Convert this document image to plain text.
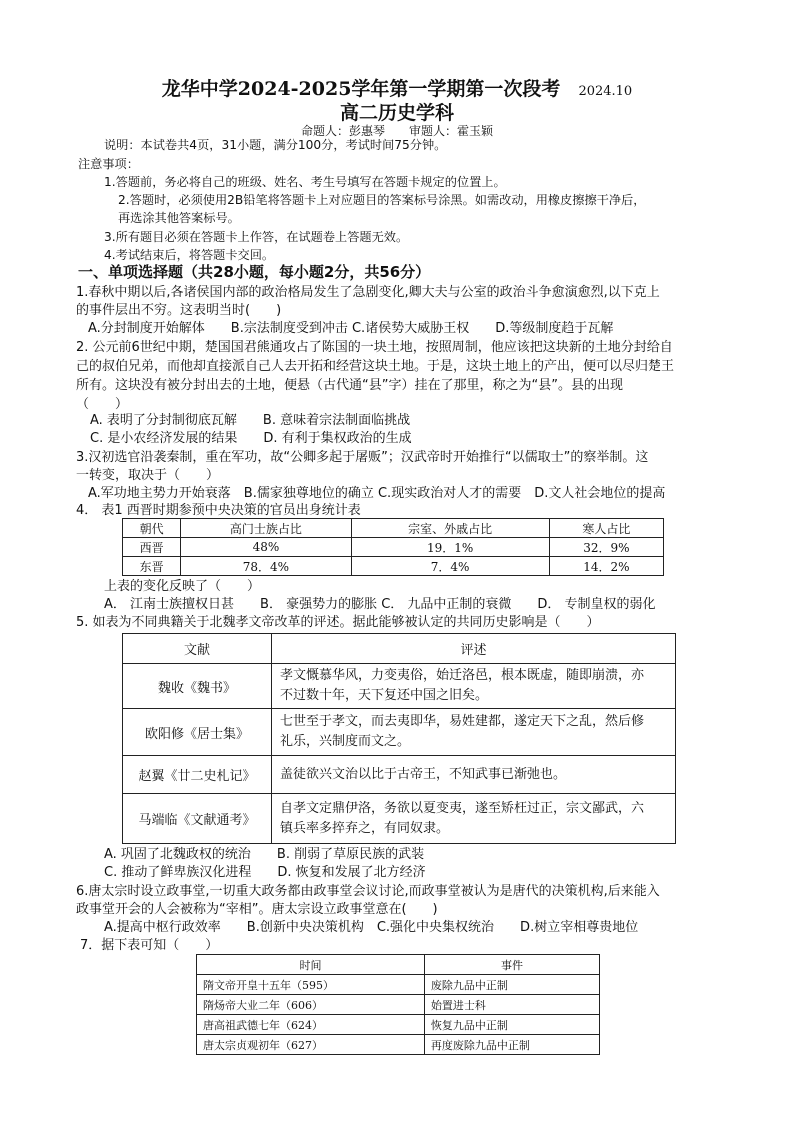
龙华中学2024-2025学年第一学期第一次段考 2024.10
高二历史学科
命题人：彭惠琴　　审题人：霍玉颖
说明：本试卷共4页，31小题，满分100分，考试时间75分钟。
注意事项：
1.答题前，务必将自己的班级、姓名、考生号填写在答题卡规定的位置上。
2.答题时，必须使用2B铅笔将答题卡上对应题目的答案标号涂黑。如需改动，用橡皮擦擦干净后，
再选涂其他答案标号。
3.所有题目必须在答题卡上作答，在试题卷上答题无效。
4.考试结束后，将答题卡交回。
一、单项选择题（共28小题，每小题2分，共56分）
1.春秋中期以后,各诸侯国内部的政治格局发生了急剧变化,卿大夫与公室的政治斗争愈演愈烈,以下克上
的事件层出不穷。这表明当时(　　)
A.分封制度开始解体　　B.宗法制度受到冲击 C.诸侯势大威胁王权　　D.等级制度趋于瓦解
2. 公元前6世纪中期，楚国国君熊通攻占了陈国的一块土地，按照周制，他应该把这块新的土地分封给自
己的叔伯兄弟，而他却直接派自己人去开拓和经营这块土地。于是，这块土地上的产出，便可以尽归楚王
所有。这块没有被分封出去的土地，便悬（古代通“县”字）挂在了那里，称之为“县”。县的出现
（　　）
A. 表明了分封制彻底瓦解　　B. 意味着宗法制面临挑战
C. 是小农经济发展的结果　　D. 有利于集权政治的生成
3.汉初选官沿袭秦制，重在军功，故“公卿多起于屠贩”；汉武帝时开始推行“以儒取士”的察举制。这
一转变，取决于（　　）
A.军功地主势力开始衰落　B.儒家独尊地位的确立 C.现实政治对人才的需要　D.文人社会地位的提高
4． 表1 西晋时期参预中央决策的官员出身统计表
朝代	高门士族占比	宗室、外戚占比	寒人占比
西晋	48%	19．1%	32．9%
东晋	78．4%	7．4%	14．2%
上表的变化反映了（　　）
A． 江南士族擅权日甚　　B． 豪强势力的膨胀 C． 九品中正制的衰微　　D． 专制皇权的弱化
5. 如表为不同典籍关于北魏孝文帝改革的评述。据此能够被认定的共同历史影响是（　　）
文献	评述
魏收《魏书》	孝文慨慕华风，力变夷俗，始迁洛邑，根本既虚，随即崩溃，亦
不过数十年，天下复还中国之旧矣。

欧阳修《居士集》	七世至于孝文，而去夷即华，易姓建都，遂定天下之乱，然后修
礼乐，兴制度而文之。

赵翼《廿二史札记》	盖徒欲兴文治以比于古帝王，不知武事已渐弛也。

马端临《文献通考》	自孝文定鼎伊洛，务欲以夏变夷，遂至矫枉过正，宗文鄙武，六
镇兵率多捽弃之，有同奴隶。
A. 巩固了北魏政权的统治　　B. 削弱了草原民族的武装
C. 推动了鲜卑族汉化进程　　D. 恢复和发展了北方经济
6.唐太宗时设立政事堂,一切重大政务都由政事堂会议讨论,而政事堂被认为是唐代的决策机构,后来能入
政事堂开会的人会被称为“宰相”。唐太宗设立政事堂意在(　　)
A.提高中枢行政效率　　B.创新中央决策机构　C.强化中央集权统治　　D.树立宰相尊贵地位
7．据下表可知（　　）
时间	事件
隋文帝开皇十五年（595）	废除九品中正制
隋炀帝大业二年（606）	始置进士科
唐高祖武德七年（624）	恢复九品中正制
唐太宗贞观初年（627）	再度废除九品中正制
